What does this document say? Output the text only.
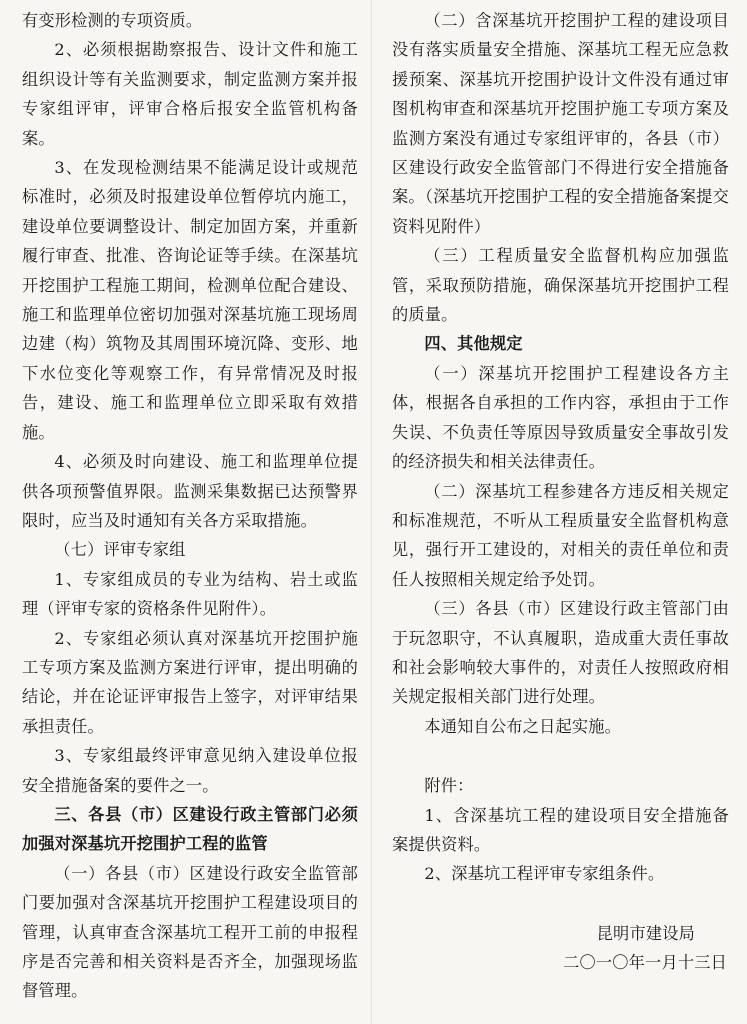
有变形检测的专项资质。

2、必须根据勘察报告、设计文件和施工组织设计等有关监测要求，制定监测方案并报专家组评审，评审合格后报安全监管机构备案。

3、在发现检测结果不能满足设计或规范标准时，必须及时报建设单位暂停坑内施工，建设单位要调整设计、制定加固方案，并重新履行审查、批准、咨询论证等手续。在深基坑开挖围护工程施工期间，检测单位配合建设、施工和监理单位密切加强对深基坑施工现场周边建（构）筑物及其周围环境沉降、变形、地下水位变化等观察工作，有异常情况及时报告，建设、施工和监理单位立即采取有效措施。

4、必须及时向建设、施工和监理单位提供各项预警值界限。监测采集数据已达预警界限时，应当及时通知有关各方采取措施。

（七）评审专家组

1、专家组成员的专业为结构、岩土或监理（评审专家的资格条件见附件）。

2、专家组必须认真对深基坑开挖围护施工专项方案及监测方案进行评审，提出明确的结论，并在论证评审报告上签字，对评审结果承担责任。

3、专家组最终评审意见纳入建设单位报安全措施备案的要件之一。

三、各县（市）区建设行政主管部门必须加强对深基坑开挖围护工程的监管

（一）各县（市）区建设行政安全监管部门要加强对含深基坑开挖围护工程建设项目的管理，认真审查含深基坑工程开工前的申报程序是否完善和相关资料是否齐全，加强现场监督管理。

（二）含深基坑开挖围护工程的建设项目没有落实质量安全措施、深基坑工程无应急救援预案、深基坑开挖围护设计文件没有通过审图机构审查和深基坑开挖围护施工专项方案及监测方案没有通过专家组评审的，各县（市）区建设行政安全监管部门不得进行安全措施备案。（深基坑开挖围护工程的安全措施备案提交资料见附件）

（三）工程质量安全监督机构应加强监管，采取预防措施，确保深基坑开挖围护工程的质量。

四、其他规定

（一）深基坑开挖围护工程建设各方主体，根据各自承担的工作内容，承担由于工作失误、不负责任等原因导致质量安全事故引发的经济损失和相关法律责任。

（二）深基坑工程参建各方违反相关规定和标准规范，不听从工程质量安全监督机构意见，强行开工建设的，对相关的责任单位和责任人按照相关规定给予处罚。

（三）各县（市）区建设行政主管部门由于玩忽职守，不认真履职，造成重大责任事故和社会影响较大事件的，对责任人按照政府相关规定报相关部门进行处理。

本通知自公布之日起实施。

附件：

1、含深基坑工程的建设项目安全措施备案提供资料。

2、深基坑工程评审专家组条件。

昆明市建设局

二〇一〇年一月十三日
